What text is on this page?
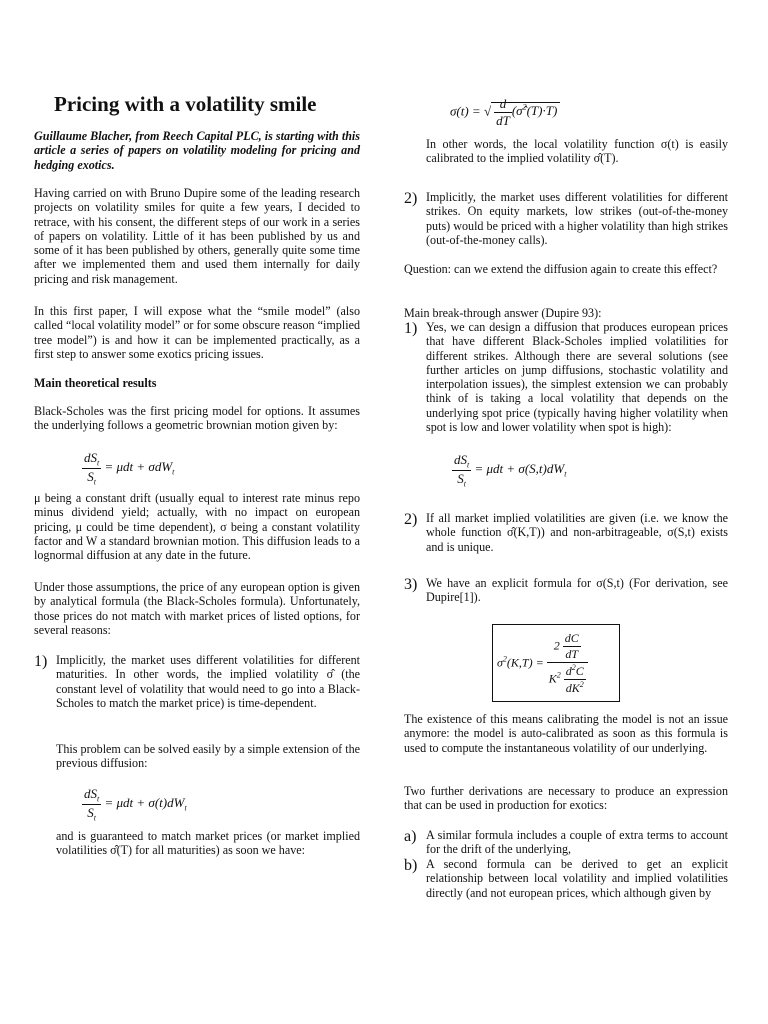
Pricing with a volatility smile

Guillaume Blacher, from Reech Capital PLC, is starting with this article a series of papers on volatility modeling for pricing and hedging exotics.

Having carried on with Bruno Dupire some of the leading research projects on volatility smiles for quite a few years, I decided to retrace, with his consent, the different steps of our work in a series of papers on volatility. Little of it has been published by us and some of it has been published by others, generally quite some time after we implemented them and used them internally for daily pricing and risk management.

In this first paper, I will expose what the “smile model” (also called “local volatility model” or for some obscure reason “implied tree model”) is and how it can be implemented practically, as a first step to answer some exotics pricing issues.

Main theoretical results

Black-Scholes was the first pricing model for options. It assumes the underlying follows a geometric brownian motion given by:

$\frac{dS_t}{S_t} = \mu dt + \sigma dW_t$

μ being a constant drift (usually equal to interest rate minus repo minus dividend yield; actually, with no impact on european pricing, μ could be time dependent), σ being a constant volatility factor and W a standard brownian motion. This diffusion leads to a lognormal diffusion at any date in the future.

Under those assumptions, the price of any european option is given by analytical formula (the Black-Scholes formula). Unfortunately, those prices do not match with market prices of listed options, for several reasons:

1) Implicitly, the market uses different volatilities for different maturities. In other words, the implied volatility σ̂ (the constant level of volatility that would need to go into a Black-Scholes to match the market price) is time-dependent.

This problem can be solved easily by a simple extension of the previous diffusion:

$\frac{dS_t}{S_t} = \mu dt + \sigma(t)dW_t$

and is guaranteed to match market prices (or market implied volatilities σ̂(T) for all maturities) as soon we have:

σ(t) = √ $\frac{d}{dT}$ (σ̂$^2$(T)·T)

In other words, the local volatility function σ(t) is easily calibrated to the implied volatility σ̂(T).

2) Implicitly, the market uses different volatilities for different strikes. On equity markets, low strikes (out-of-the-money puts) would be priced with a higher volatility than high strikes (out-of-the-money calls).

Question: can we extend the diffusion again to create this effect?

Main break-through answer (Dupire 93):

1) Yes, we can design a diffusion that produces european prices that have different Black-Scholes implied volatilities for different strikes. Although there are several solutions (see further articles on jump diffusions, stochastic volatility and interpolation issues), the simplest extension we can probably think of is taking a local volatility that depends on the underlying spot price (typically having higher volatility when spot is low and lower volatility when spot is high):

$\frac{dS_t}{S_t} = \mu dt + \sigma(S,t)dW_t$
2) If all market implied volatilities are given (i.e. we know the whole function σ̂(K,T)) and non-arbitrageable, σ(S,t) exists and is unique.

3) We have an explicit formula for σ(S,t) (For derivation, see Dupire[1]).

$\sigma^2(K,T) = \frac{2 \frac{dC}{dT}}{K^2 \frac{d^2C}{dK^2}}$

The existence of this means calibrating the model is not an issue anymore: the model is auto-calibrated as soon as this formula is used to compute the instantaneous volatility of our underlying.

Two further derivations are necessary to produce an expression that can be used in production for exotics:

a) A similar formula includes a couple of extra terms to account for the drift of the underlying,

b) A second formula can be derived to get an explicit relationship between local volatility and implied volatilities directly (and not european prices, which although given by
